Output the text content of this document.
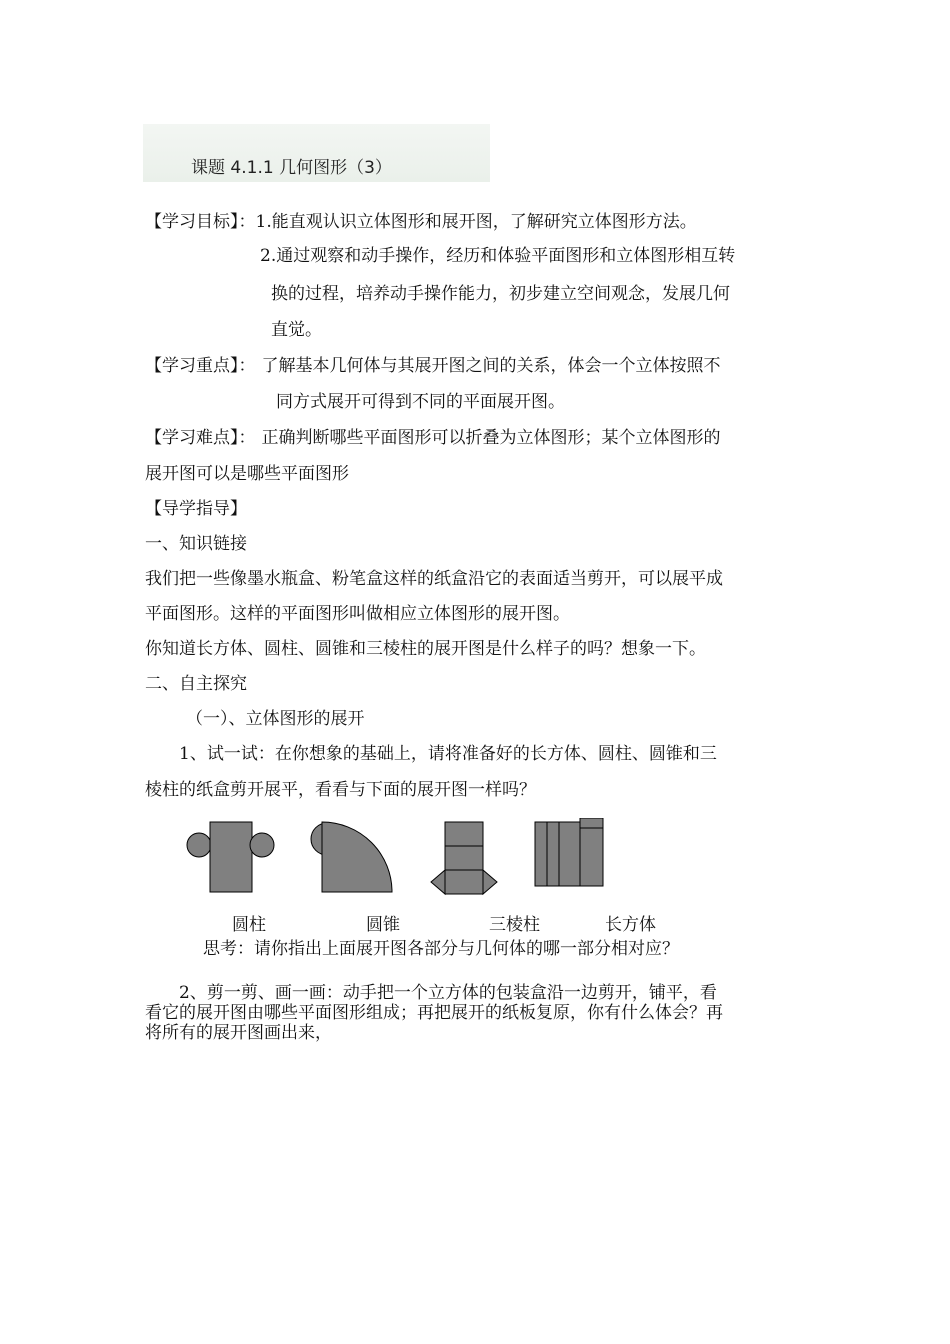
课题 4.1.1 几何图形（3）
【学习目标】：1.能直观认识立体图形和展开图，了解研究立体图形方法。
2.通过观察和动手操作，经历和体验平面图形和立体图形相互转
换的过程，培养动手操作能力，初步建立空间观念，发展几何
直觉。
【学习重点】： 了解基本几何体与其展开图之间的关系，体会一个立体按照不
同方式展开可得到不同的平面展开图。
【学习难点】： 正确判断哪些平面图形可以折叠为立体图形；某个立体图形的
展开图可以是哪些平面图形
【导学指导】
一、知识链接
我们把一些像墨水瓶盒、粉笔盒这样的纸盒沿它的表面适当剪开，可以展平成
平面图形。这样的平面图形叫做相应立体图形的展开图。
你知道长方体、圆柱、圆锥和三棱柱的展开图是什么样子的吗？想象一下。
二、自主探究
（一）、立体图形的展开
1、试一试：在你想象的基础上，请将准备好的长方体、圆柱、圆锥和三
棱柱的纸盒剪开展平，看看与下面的展开图一样吗？
圆柱	圆锥	三棱柱	长方体
思考：请你指出上面展开图各部分与几何体的哪一部分相对应？
2、剪一剪、画一画：动手把一个立方体的包装盒沿一边剪开，铺平，看
看它的展开图由哪些平面图形组成；再把展开的纸板复原，你有什么体会？再
将所有的展开图画出来，
